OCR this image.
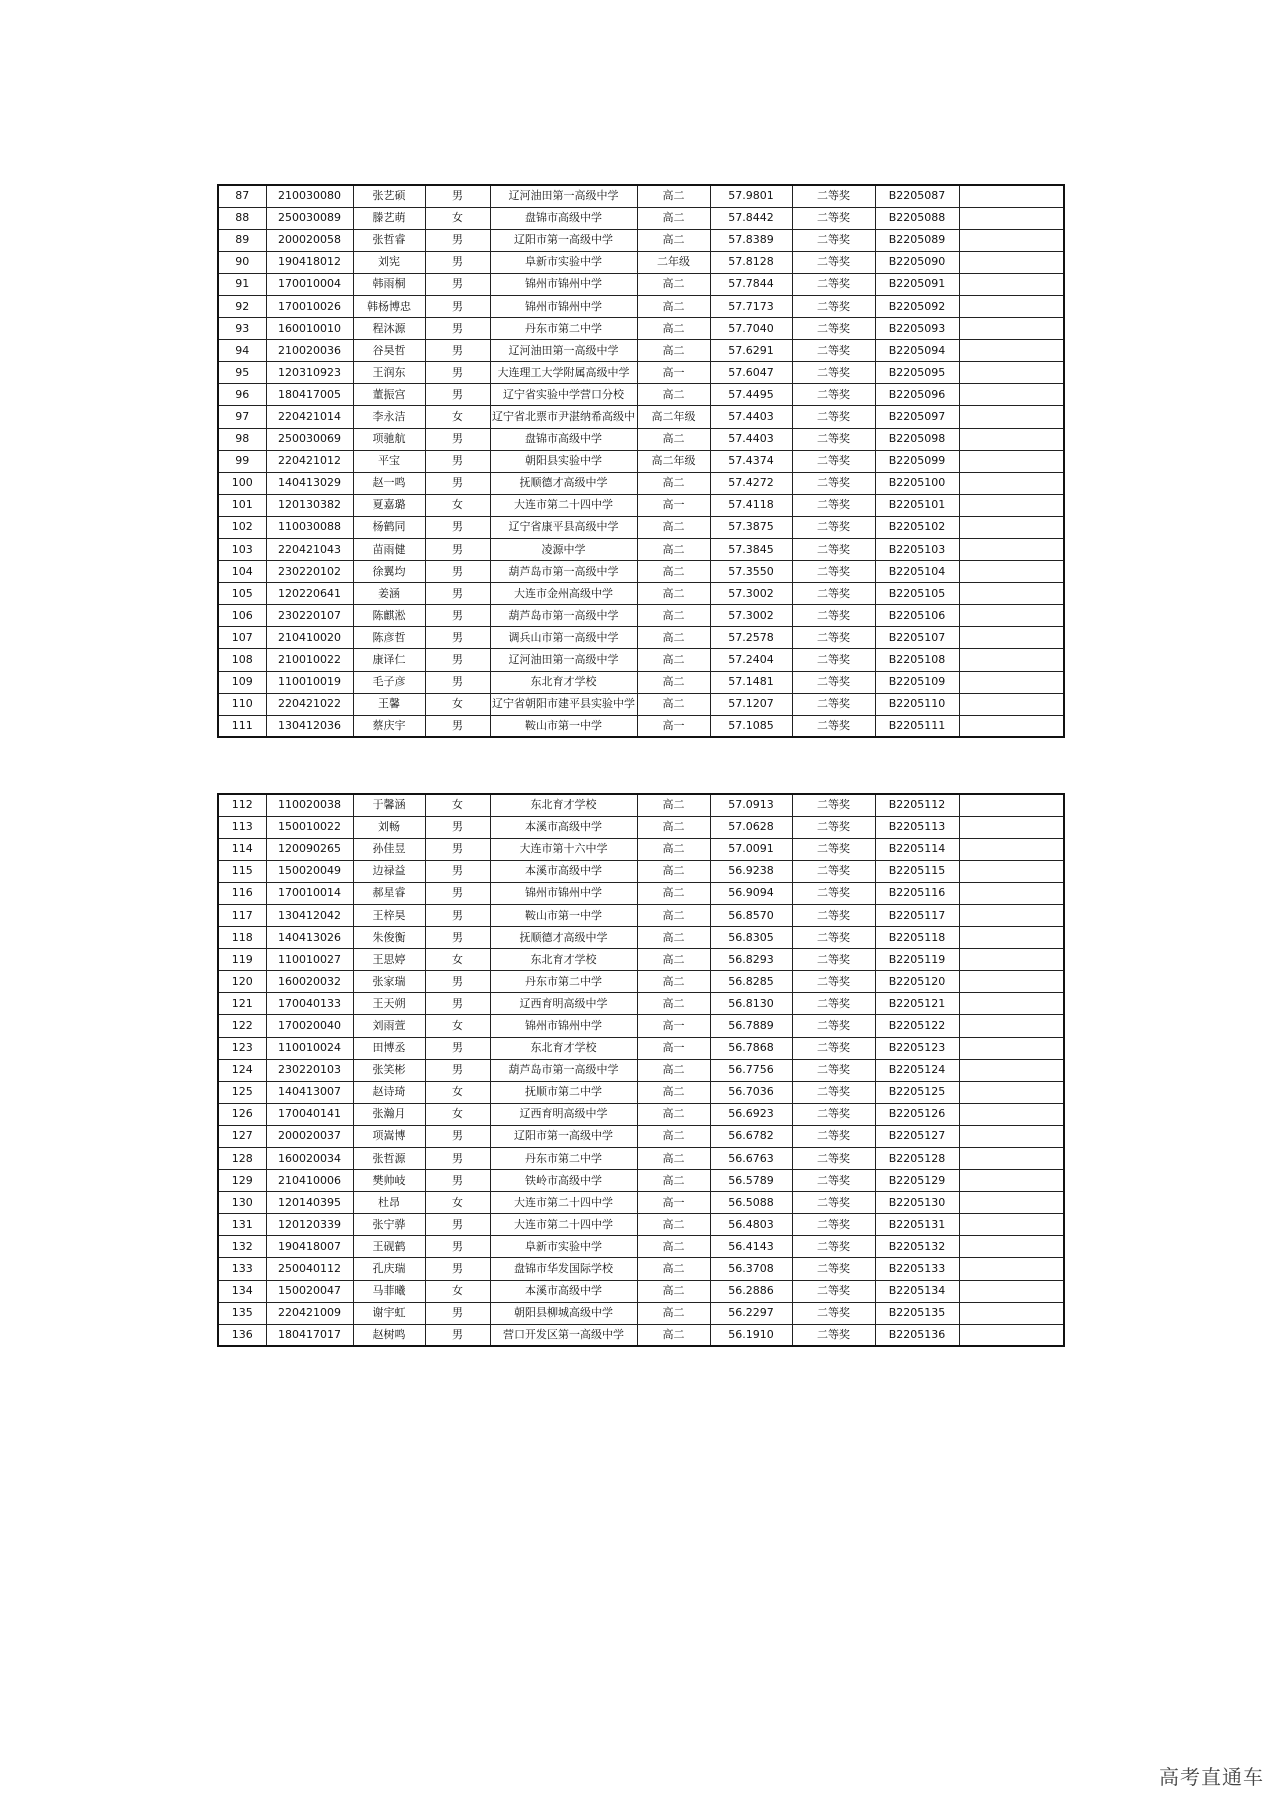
87	210030080	张艺硕	男	辽河油田第一高级中学	高二	57.9801	二等奖	B2205087	
88	250030089	滕艺萌	女	盘锦市高级中学	高二	57.8442	二等奖	B2205088	
89	200020058	张哲睿	男	辽阳市第一高级中学	高二	57.8389	二等奖	B2205089	
90	190418012	刘宪	男	阜新市实验中学	二年级	57.8128	二等奖	B2205090	
91	170010004	韩雨桐	男	锦州市锦州中学	高二	57.7844	二等奖	B2205091	
92	170010026	韩杨博忠	男	锦州市锦州中学	高二	57.7173	二等奖	B2205092	
93	160010010	程沐源	男	丹东市第二中学	高二	57.7040	二等奖	B2205093	
94	210020036	谷昊哲	男	辽河油田第一高级中学	高二	57.6291	二等奖	B2205094	
95	120310923	王润东	男	大连理工大学附属高级中学	高一	57.6047	二等奖	B2205095	
96	180417005	董振宫	男	辽宁省实验中学营口分校	高二	57.4495	二等奖	B2205096	
97	220421014	李永洁	女	辽宁省北票市尹湛纳希高级中	高二年级	57.4403	二等奖	B2205097	
98	250030069	项驰航	男	盘锦市高级中学	高二	57.4403	二等奖	B2205098	
99	220421012	平宝	男	朝阳县实验中学	高二年级	57.4374	二等奖	B2205099	
100	140413029	赵一鸣	男	抚顺德才高级中学	高二	57.4272	二等奖	B2205100	
101	120130382	夏嘉璐	女	大连市第二十四中学	高一	57.4118	二等奖	B2205101	
102	110030088	杨鹤同	男	辽宁省康平县高级中学	高二	57.3875	二等奖	B2205102	
103	220421043	苗雨健	男	凌源中学	高二	57.3845	二等奖	B2205103	
104	230220102	徐翼均	男	葫芦岛市第一高级中学	高二	57.3550	二等奖	B2205104	
105	120220641	姜涵	男	大连市金州高级中学	高二	57.3002	二等奖	B2205105	
106	230220107	陈麒淞	男	葫芦岛市第一高级中学	高二	57.3002	二等奖	B2205106	
107	210410020	陈彦哲	男	调兵山市第一高级中学	高二	57.2578	二等奖	B2205107	
108	210010022	康译仁	男	辽河油田第一高级中学	高二	57.2404	二等奖	B2205108	
109	110010019	毛子彦	男	东北育才学校	高二	57.1481	二等奖	B2205109	
110	220421022	王馨	女	辽宁省朝阳市建平县实验中学	高二	57.1207	二等奖	B2205110	
111	130412036	蔡庆宇	男	鞍山市第一中学	高一	57.1085	二等奖	B2205111	
112	110020038	于馨涵	女	东北育才学校	高二	57.0913	二等奖	B2205112	
113	150010022	刘畅	男	本溪市高级中学	高二	57.0628	二等奖	B2205113	
114	120090265	孙佳昱	男	大连市第十六中学	高二	57.0091	二等奖	B2205114	
115	150020049	边禄益	男	本溪市高级中学	高二	56.9238	二等奖	B2205115	
116	170010014	郝星睿	男	锦州市锦州中学	高二	56.9094	二等奖	B2205116	
117	130412042	王梓昊	男	鞍山市第一中学	高二	56.8570	二等奖	B2205117	
118	140413026	朱俊衡	男	抚顺德才高级中学	高二	56.8305	二等奖	B2205118	
119	110010027	王思婷	女	东北育才学校	高二	56.8293	二等奖	B2205119	
120	160020032	张家瑞	男	丹东市第二中学	高二	56.8285	二等奖	B2205120	
121	170040133	王天朔	男	辽西育明高级中学	高二	56.8130	二等奖	B2205121	
122	170020040	刘雨萱	女	锦州市锦州中学	高一	56.7889	二等奖	B2205122	
123	110010024	田博丞	男	东北育才学校	高一	56.7868	二等奖	B2205123	
124	230220103	张笑彬	男	葫芦岛市第一高级中学	高二	56.7756	二等奖	B2205124	
125	140413007	赵诗琦	女	抚顺市第二中学	高二	56.7036	二等奖	B2205125	
126	170040141	张瀚月	女	辽西育明高级中学	高二	56.6923	二等奖	B2205126	
127	200020037	项嵩博	男	辽阳市第一高级中学	高二	56.6782	二等奖	B2205127	
128	160020034	张哲源	男	丹东市第二中学	高二	56.6763	二等奖	B2205128	
129	210410006	樊帅岐	男	铁岭市高级中学	高二	56.5789	二等奖	B2205129	
130	120140395	杜昂	女	大连市第二十四中学	高一	56.5088	二等奖	B2205130	
131	120120339	张宁骅	男	大连市第二十四中学	高二	56.4803	二等奖	B2205131	
132	190418007	王砚鹤	男	阜新市实验中学	高二	56.4143	二等奖	B2205132	
133	250040112	孔庆瑞	男	盘锦市华发国际学校	高二	56.3708	二等奖	B2205133	
134	150020047	马菲曦	女	本溪市高级中学	高二	56.2886	二等奖	B2205134	
135	220421009	谢宇虹	男	朝阳县柳城高级中学	高二	56.2297	二等奖	B2205135	
136	180417017	赵树鸣	男	营口开发区第一高级中学	高二	56.1910	二等奖	B2205136	
高考直通车
